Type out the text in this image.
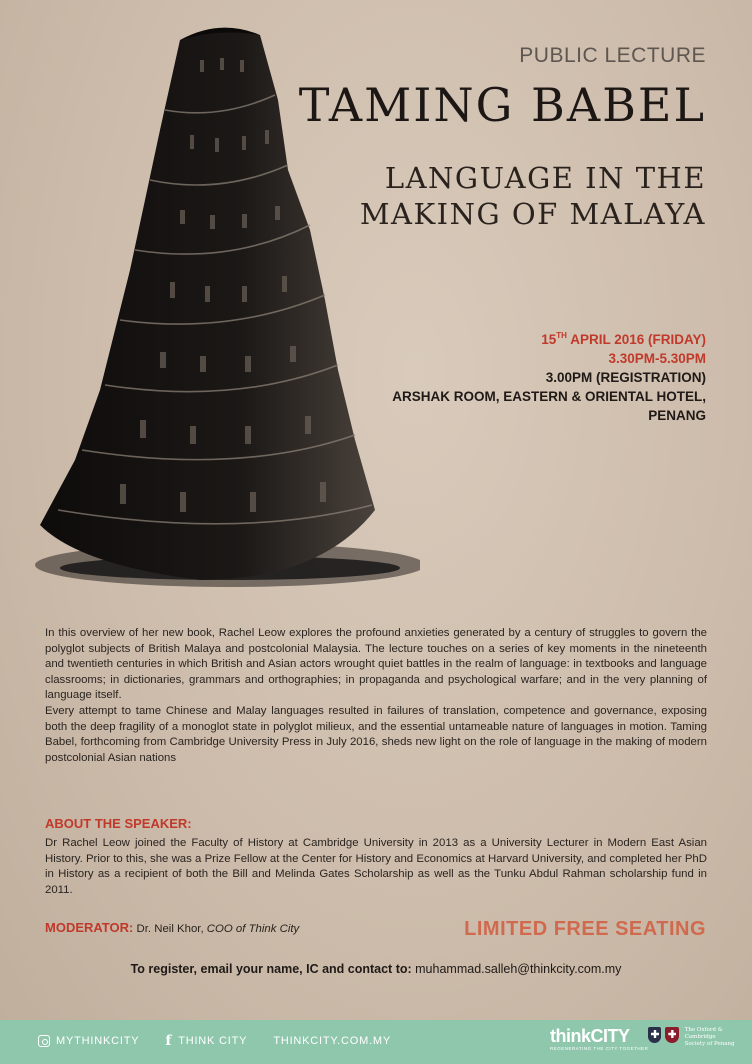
PUBLIC LECTURE
TAMING BABEL
LANGUAGE IN THE
MAKING OF MALAYA
15TH APRIL 2016 (FRIDAY)
3.30PM-5.30PM
3.00PM (REGISTRATION)
ARSHAK ROOM, EASTERN & ORIENTAL HOTEL,
PENANG
In this overview of her new book, Rachel Leow explores the profound anxieties generated by a century of struggles to govern the polyglot subjects of British Malaya and postcolonial Malaysia. The lecture touches on a series of key moments in the nineteenth and twentieth centuries in which British and Asian actors wrought quiet battles in the realm of language: in textbooks and language classrooms; in dictionaries, grammars and orthographies; in propaganda and psychological warfare; and in the very planning of language itself.
Every attempt to tame Chinese and Malay languages resulted in failures of translation, competence and governance, exposing both the deep fragility of a monoglot state in polyglot milieux, and the essential untameable nature of languages in motion. Taming Babel, forthcoming from Cambridge University Press in July 2016, sheds new light on the role of language in the making of modern postcolonial Asian nations
ABOUT THE SPEAKER:
Dr Rachel Leow joined the Faculty of History at Cambridge University in 2013 as a University Lecturer in Modern East Asian History. Prior to this, she was a Prize Fellow at the Center for History and Economics at Harvard University, and completed her PhD in History as a recipient of both the Bill and Melinda Gates Scholarship as well as the Tunku Abdul Rahman scholarship fund in 2011.
MODERATOR: Dr. Neil Khor, COO of Think City	LIMITED FREE SEATING
To register, email your name, IC and contact to: muhammad.salleh@thinkcity.com.my
MYTHINKCITY f THINK CITY THINKCITY.COM.MY	thinkCITY
REGENERATING THE CITY TOGETHER
The Oxford & Cambridge
Society of Penang
